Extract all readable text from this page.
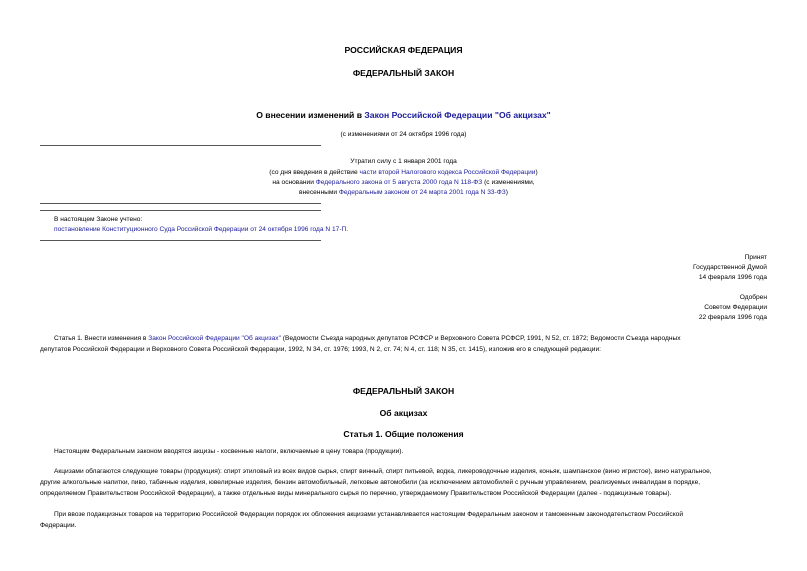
РОССИЙСКАЯ ФЕДЕРАЦИЯ
ФЕДЕРАЛЬНЫЙ ЗАКОН
О внесении изменений в Закон Российской Федерации "Об акцизах"
(с изменениями от 24 октября 1996 года)
Утратил силу с 1 января 2001 года
(со дня введения в действие части второй Налогового кодекса Российской Федерации)
на основании Федерального закона от 5 августа 2000 года N 118-ФЗ (с изменениями,
внесенными Федеральным законом от 24 марта 2001 года N 33-ФЗ)
В настоящем Законе учтено:
постановление Конституционного Суда Российской Федерации от 24 октября 1996 года N 17-П.
Принят
Государственной Думой
14 февраля 1996 года
Одобрен
Советом Федерации
22 февраля 1996 года
Статья 1. Внести изменения в Закон Российской Федерации "Об акцизах" (Ведомости Съезда народных депутатов РСФСР и Верховного Совета РСФСР, 1991, N 52, ст. 1872; Ведомости Съезда народных
депутатов Российской Федерации и Верховного Совета Российской Федерации, 1992, N 34, ст. 1976; 1993, N 2, ст. 74; N 4, ст. 118; N 35, ст. 1415), изложив его в следующей редакции:
ФЕДЕРАЛЬНЫЙ ЗАКОН
Об акцизах
Статья 1. Общие положения
Настоящим Федеральным законом вводятся акцизы - косвенные налоги, включаемые в цену товара (продукции).
Акцизами облагаются следующие товары (продукция): спирт этиловый из всех видов сырья, спирт винный, спирт питьевой, водка, ликероводочные изделия, коньяк, шампанское (вино игристое), вино натуральное,
другие алкогольные напитки, пиво, табачные изделия, ювелирные изделия, бензин автомобильный, легковые автомобили (за исключением автомобилей с ручным управлением, реализуемых инвалидам в порядке,
определяемом Правительством Российской Федерации), а также отдельные виды минерального сырья по перечню, утверждаемому Правительством Российской Федерации (далее - подакцизные товары).
При ввозе подакцизных товаров на территорию Российской Федерации порядок их обложения акцизами устанавливается настоящим Федеральным законом и таможенным законодательством Российской
Федерации.
